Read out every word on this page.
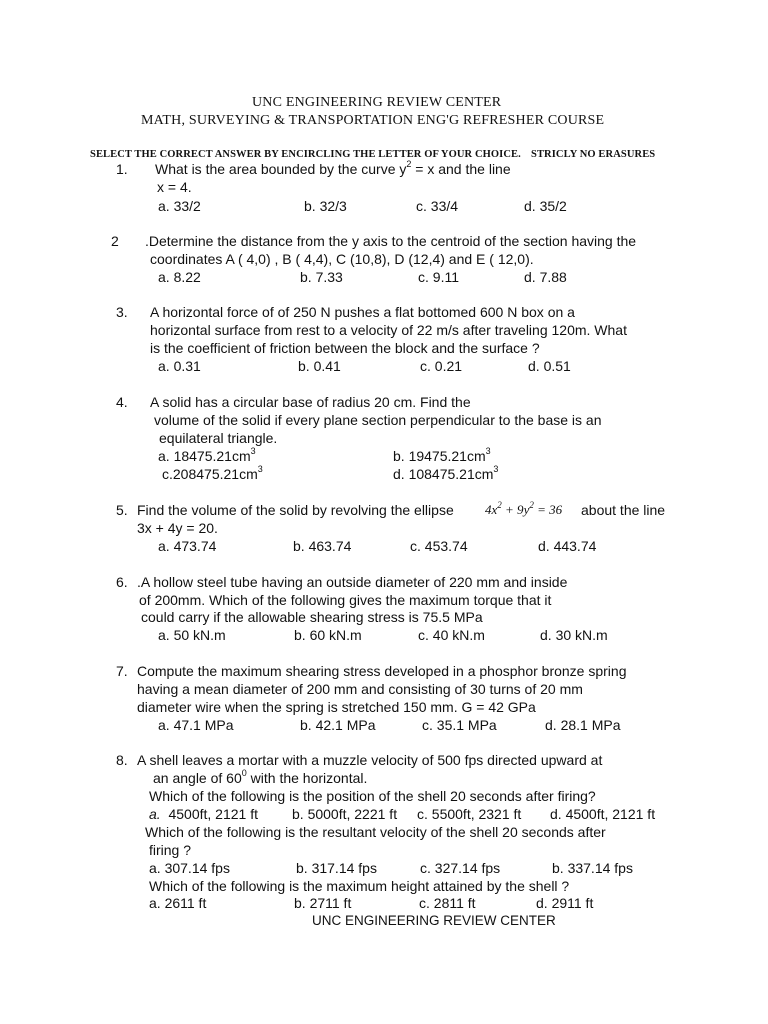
UNC ENGINEERING REVIEW CENTER
MATH, SURVEYING & TRANSPORTATION ENG'G REFRESHER COURSE
SELECT THE CORRECT ANSWER BY ENCIRCLING THE LETTER OF YOUR CHOICE. STRICLY NO ERASURES
1. What is the area bounded by the curve $y^2 = x$ and the line
x = 4.
a. 33/2	b. 32/3	c. 33/4	d. 35/2
2 .Determine the distance from the y axis to the centroid of the section having the
coordinates A ( 4,0) , B ( 4,4), C (10,8), D (12,4) and E ( 12,0).
a. 8.22	b. 7.33	c. 9.11	d. 7.88
3. A horizontal force of of 250 N pushes a flat bottomed 600 N box on a
horizontal surface from rest to a velocity of 22 m/s after traveling 120m. What
is the coefficient of friction between the block and the surface ?
a. 0.31	b. 0.41	c. 0.21	d. 0.51
4. A solid has a circular base of radius 20 cm. Find the
volume of the solid if every plane section perpendicular to the base is an
equilateral triangle.
a. $18475.21cm^3$	b. $19475.21cm^3$
$c.208475.21cm^3$	d. $108475.21cm^3$
5. Find the volume of the solid by revolving the ellipse $4x^2 + 9y^2 = 36$ about the line
3x + 4y = 20.
a. 473.74	b. 463.74	c. 453.74	d. 443.74
6. .A hollow steel tube having an outside diameter of 220 mm and inside
of 200mm. Which of the following gives the maximum torque that it
could carry if the allowable shearing stress is 75.5 MPa
a. 50 kN.m	b. 60 kN.m	c. 40 kN.m	d. 30 kN.m
7. Compute the maximum shearing stress developed in a phosphor bronze spring
having a mean diameter of 200 mm and consisting of 30 turns of 20 mm
diameter wire when the spring is stretched 150 mm. G = 42 GPa
a. 47.1 MPa	b. 42.1 MPa	c. 35.1 MPa	d. 28.1 MPa
8. A shell leaves a mortar with a muzzle velocity of 500 fps directed upward at
an angle of $60^0$ with the horizontal.
Which of the following is the position of the shell 20 seconds after firing?
a. 4500ft, 2121 ft b. 5000ft, 2221 ft c. 5500ft, 2321 ft d. 4500ft, 2121 ft
Which of the following is the resultant velocity of the shell 20 seconds after
firing ?
a. 307.14 fps	b. 317.14 fps	c. 327.14 fps	b. 337.14 fps
Which of the following is the maximum height attained by the shell ?
a. 2611 ft	b. 2711 ft	c. 2811 ft	d. 2911 ft
UNC ENGINEERING REVIEW CENTER
